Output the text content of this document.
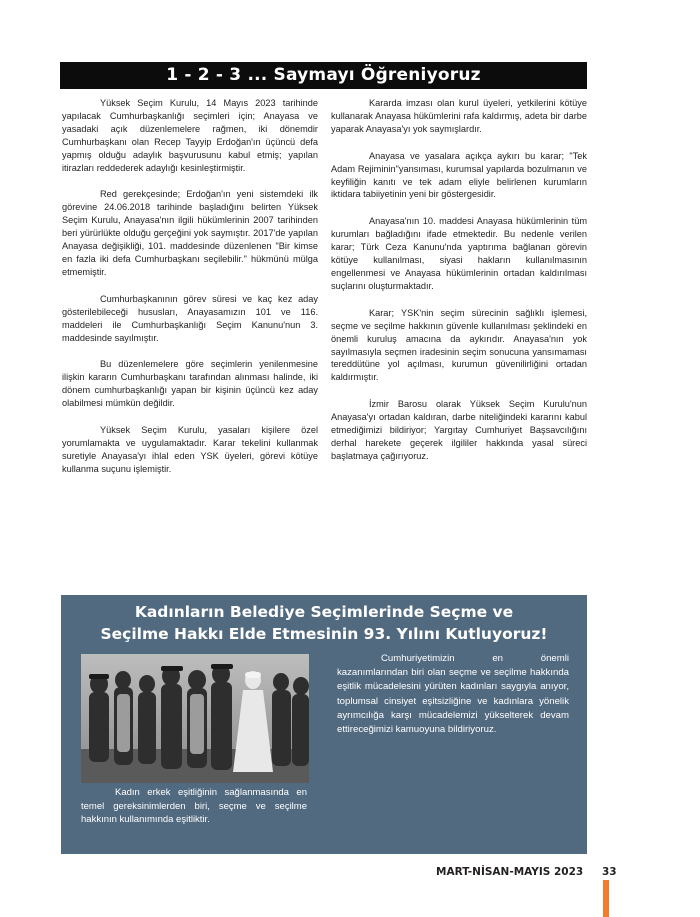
1 - 2 - 3 ... Saymayı Öğreniyoruz

Yüksek Seçim Kurulu, 14 Mayıs 2023 tarihinde yapılacak Cumhurbaşkanlığı seçimleri için; Anayasa ve yasadaki açık düzenlemelere rağmen, iki dönemdir Cumhurbaşkanı olan Recep Tayyip Erdoğan'ın üçüncü defa yapmış olduğu adaylık başvurusunu kabul etmiş; yapılan itirazları reddederek adaylığı kesinleştirmiştir.

Red gerekçesinde; Erdoğan'ın yeni sistemdeki ilk görevine 24.06.2018 tarihinde başladığını belirten Yüksek Seçim Kurulu, Anayasa'nın ilgili hükümlerinin 2007 tarihinden beri yürürlükte olduğu gerçeğini yok saymıştır. 2017'de yapılan Anayasa değişikliği, 101. maddesinde düzenlenen "Bir kimse en fazla iki defa Cumhurbaşkanı seçilebilir." hükmünü mülga etmemiştir.

Cumhurbaşkanının görev süresi ve kaç kez aday gösterilebileceği hususları, Anayasamızın 101 ve 116. maddeleri ile Cumhurbaşkanlığı Seçim Kanunu'nun 3. maddesinde sayılmıştır.

Bu düzenlemelere göre seçimlerin yenilenmesine ilişkin kararın Cumhurbaşkanı tarafından alınması halinde, iki dönem cumhurbaşkanlığı yapan bir kişinin üçüncü kez aday olabilmesi mümkün değildir.

Yüksek Seçim Kurulu, yasaları kişilere özel yorumlamakta ve uygulamaktadır. Karar tekelini kullanmak suretiyle Anayasa'yı ihlal eden YSK üyeleri, görevi kötüye kullanma suçunu işlemiştir.

Kararda imzası olan kurul üyeleri, yetkilerini kötüye kullanarak Anayasa hükümlerini rafa kaldırmış, adeta bir darbe yaparak Anayasa'yı yok saymışlardır.

Anayasa ve yasalara açıkça aykırı bu karar; "Tek Adam Rejiminin"yansıması, kurumsal yapılarda bozulmanın ve keyfiliğin kanıtı ve tek adam eliyle belirlenen kurumların iktidara tabiiyetinin yeni bir göstergesidir.

Anayasa'nın 10. maddesi Anayasa hükümlerinin tüm kurumları bağladığını ifade etmektedir. Bu nedenle verilen karar; Türk Ceza Kanunu'nda yaptırıma bağlanan görevin kötüye kullanılması, siyasi hakların kullanılmasının engellenmesi ve Anayasa hükümlerinin ortadan kaldırılması suçlarını oluşturmaktadır.

Karar; YSK'nin seçim sürecinin sağlıklı işlemesi, seçme ve seçilme hakkının güvenle kullanılması şeklindeki en önemli kuruluş amacına da aykırıdır. Anayasa'nın yok sayılmasıyla seçmen iradesinin seçim sonucuna yansımaması tereddütüne yol açılması, kurumun güvenilirliğini ortadan kaldırmıştır.

İzmir Barosu olarak Yüksek Seçim Kurulu'nun Anayasa'yı ortadan kaldıran, darbe niteliğindeki kararını kabul etmediğimizi bildiriyor; Yargıtay Cumhuriyet Başsavcılığını derhal harekete geçerek ilgililer hakkında yasal süreci başlatmaya çağırıyoruz.

Kadınların Belediye Seçimlerinde Seçme ve
Seçilme Hakkı Elde Etmesinin 93. Yılını Kutluyoruz!
Kadın erkek eşitliğinin sağlanmasında en temel gereksinimlerden biri, seçme ve seçilme hakkının kullanımında eşitliktir.
Cumhuriyetimizin en önemli kazanımlarından biri olan seçme ve seçilme hakkında eşitlik mücadelesini yürüten kadınları saygıyla anıyor, toplumsal cinsiyet eşitsizliğine ve kadınlara yönelik ayrımcılığa karşı mücadelemizi yükselterek devam ettireceğimizi kamuoyuna bildiriyoruz.
MART-NİSAN-MAYIS 2023 33
